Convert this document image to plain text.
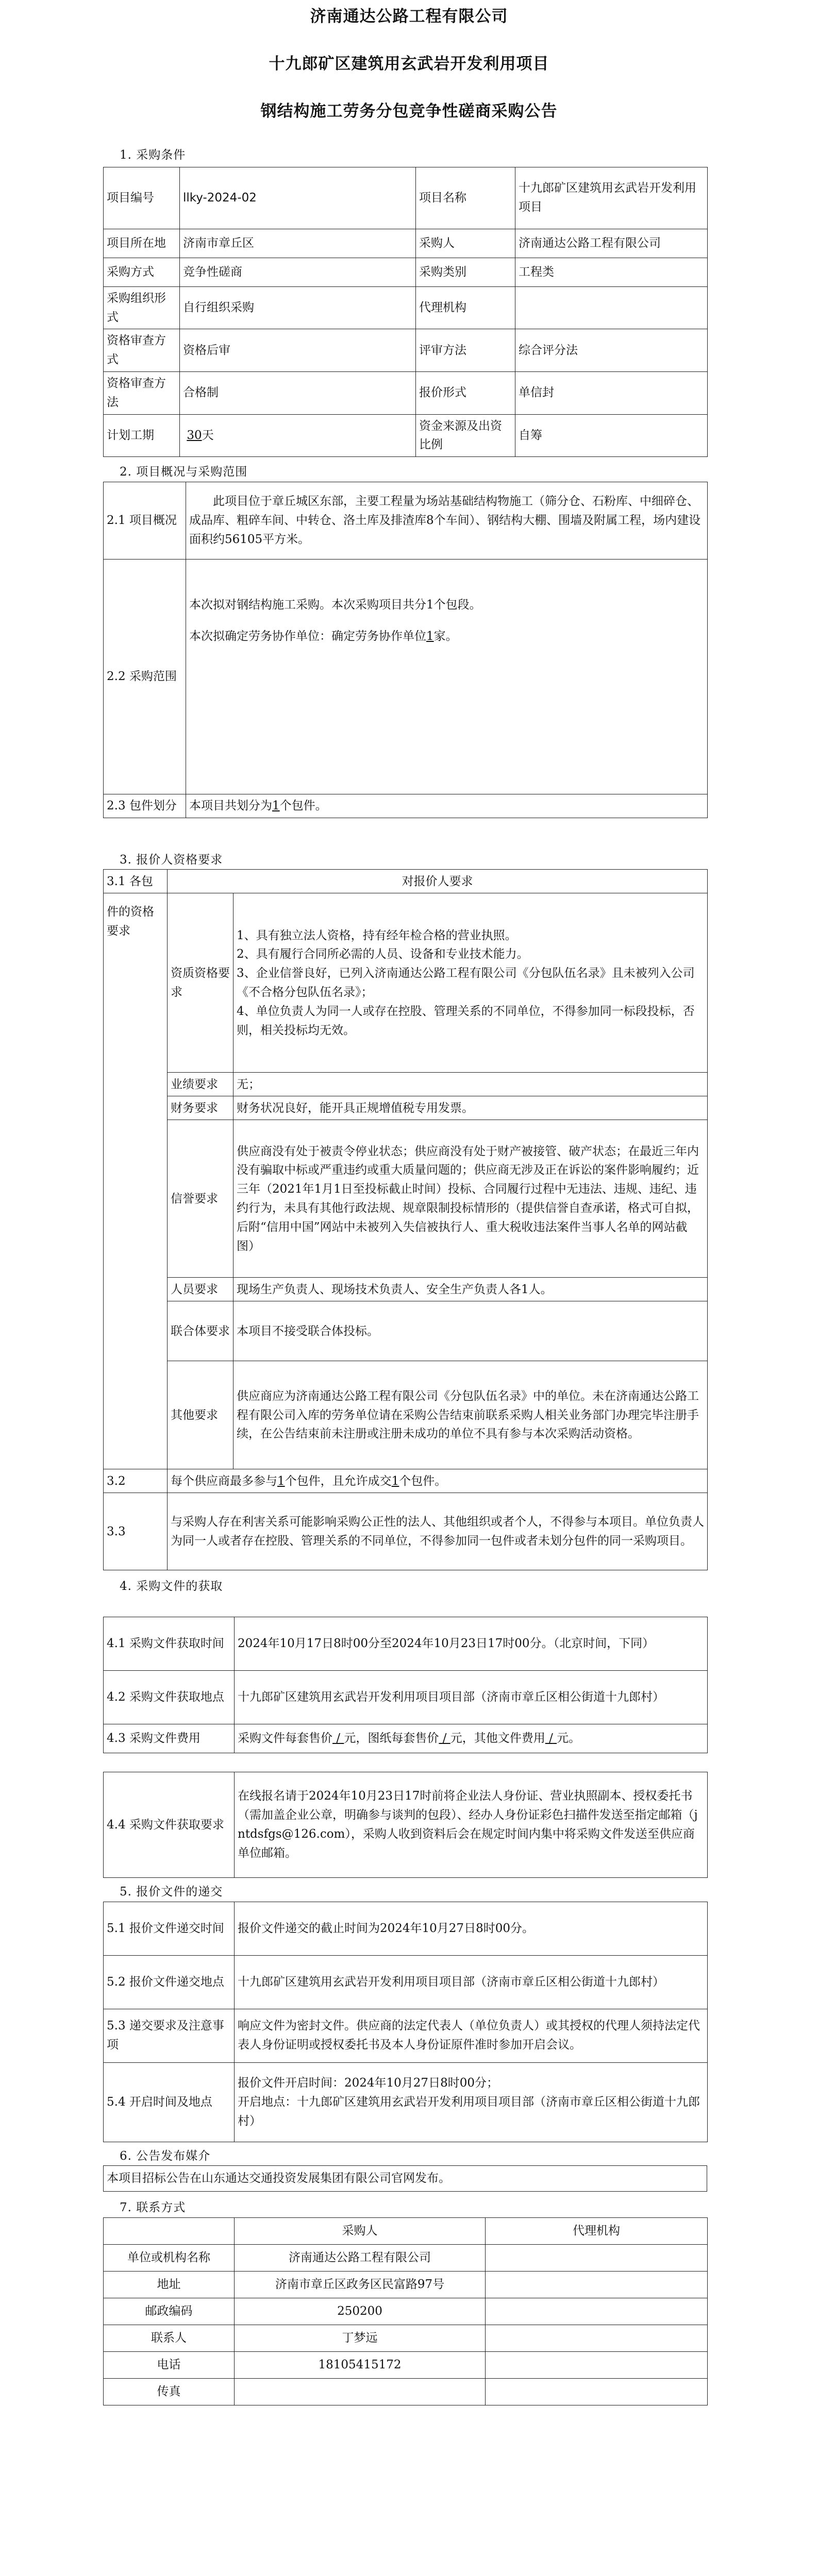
济南通达公路工程有限公司
十九郎矿区建筑用玄武岩开发利用项目
钢结构施工劳务分包竞争性磋商采购公告
1. 采购条件
项目编号	llky-2024-02	项目名称	十九郎矿区建筑用玄武岩开发利用项目
项目所在地	济南市章丘区	采购人	济南通达公路工程有限公司
采购方式	竞争性磋商	采购类别	工程类
采购组织形式	自行组织采购	代理机构	
资格审查方式	资格后审	评审方法	综合评分法
资格审查方法	合格制	报价形式	单信封
计划工期	30天	资金来源及出资比例	自筹
2. 项目概况与采购范围
2.1 项目概况	此项目位于章丘城区东部，主要工程量为场站基础结构物施工（筛分仓、石粉库、中细碎仓、成品库、粗碎车间、中转仓、洛土库及排渣库8个车间）、钢结构大棚、围墙及附属工程，场内建设面积约56105平方米。
2.2 采购范围	本次拟对钢结构施工采购。本次采购项目共分1个包段。

本次拟确定劳务协作单位：确定劳务协作单位1家。

2.3 包件划分	本项目共划分为1个包件。
3. 报价人资格要求
3.1 各包	对报价人要求	
件的资格要求	资质资格要求	1、具有独立法人资格，持有经年检合格的营业执照。

2、具有履行合同所必需的人员、设备和专业技术能力。

3、企业信誉良好，已列入济南通达公路工程有限公司《分包队伍名录》且未被列入公司《不合格分包队伍名录》；

4、单位负责人为同一人或存在控股、管理关系的不同单位，不得参加同一标段投标，否则，相关投标均无效。

	业绩要求	无；
	财务要求	财务状况良好，能开具正规增值税专用发票。
	信誉要求	供应商没有处于被责令停业状态；供应商没有处于财产被接管、破产状态；在最近三年内没有骗取中标或严重违约或重大质量问题的；供应商无涉及正在诉讼的案件影响履约；近三年（2021年1月1日至投标截止时间）投标、合同履行过程中无违法、违规、违纪、违约行为，未具有其他行政法规、规章限制投标情形的（提供信誉自查承诺，格式可自拟，后附“信用中国”网站中未被列入失信被执行人、重大税收违法案件当事人名单的网站截图）
	人员要求	现场生产负责人、现场技术负责人、安全生产负责人各1人。
	联合体要求	本项目不接受联合体投标。
	其他要求	供应商应为济南通达公路工程有限公司《分包队伍名录》中的单位。未在济南通达公路工程有限公司入库的劳务单位请在采购公告结束前联系采购人相关业务部门办理完毕注册手续，在公告结束前未注册或注册未成功的单位不具有参与本次采购活动资格。
3.2	每个供应商最多参与1个包件，且允许成交1个包件。	
3.3	与采购人存在利害关系可能影响采购公正性的法人、其他组织或者个人，不得参与本项目。单位负责人为同一人或者存在控股、管理关系的不同单位，不得参加同一包件或者未划分包件的同一采购项目。	
4. 采购文件的获取
4.1 采购文件获取时间	2024年10月17日8时00分至2024年10月23日17时00分。（北京时间，下同）
4.2 采购文件获取地点	十九郎矿区建筑用玄武岩开发利用项目项目部（济南市章丘区相公街道十九郎村）
4.3 采购文件费用	采购文件每套售价 / 元，图纸每套售价 / 元，其他文件费用 / 元。
4.4 采购文件获取要求	在线报名请于2024年10月23日17时前将企业法人身份证、营业执照副本、授权委托书（需加盖企业公章，明确参与谈判的包段）、经办人身份证彩色扫描件发送至指定邮箱（jntdsfgs@126.com），采购人收到资料后会在规定时间内集中将采购文件发送至供应商单位邮箱。
5. 报价文件的递交
5.1 报价文件递交时间	报价文件递交的截止时间为2024年10月27日8时00分。
5.2 报价文件递交地点	十九郎矿区建筑用玄武岩开发利用项目项目部（济南市章丘区相公街道十九郎村）
5.3 递交要求及注意事项	响应文件为密封文件。供应商的法定代表人（单位负责人）或其授权的代理人须持法定代表人身份证明或授权委托书及本人身份证原件准时参加开启会议。
5.4 开启时间及地点	报价文件开启时间：2024年10月27日8时00分；

开启地点：十九郎矿区建筑用玄武岩开发利用项目项目部（济南市章丘区相公街道十九郎村）

6. 公告发布媒介
本项目招标公告在山东通达交通投资发展集团有限公司官网发布。
7. 联系方式
	采购人	代理机构
单位或机构名称	济南通达公路工程有限公司	
地址	济南市章丘区政务区民富路97号	
邮政编码	250200	
联系人	丁梦远	
电话	18105415172	
传真		
